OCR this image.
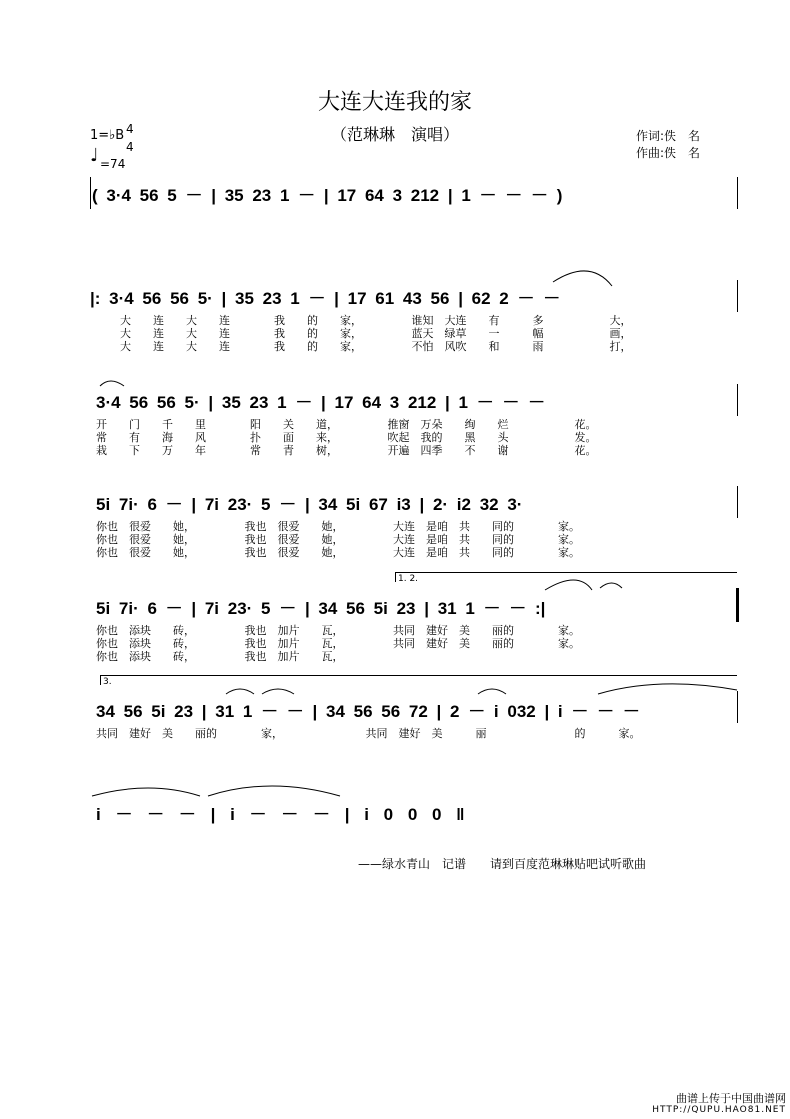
大连大连我的家
（范琳琳　演唱）	作词:佚　名
作曲:佚　名
1=♭B 4
4
♩ =74
( 3·4 56 5 － | 35 23 1 － | 17 64 3 212 | 1 － － － )
|: 3·4 56 56 5· | 35 23 1 － | 17 61 43 56 | 62 2 － －
大　　连　　大　　连　　　　我　　的　　家，　　　　　谁知　大连　　有　　　多　　　　　　大，
大　　连　　大　　连　　　　我　　的　　家，　　　　　蓝天　绿草　　一　　　幅　　　　　　画，
大　　连　　大　　连　　　　我　　的　　家，　　　　　不怕　风吹　　和　　　雨　　　　　　打，
3·4 56 56 5· | 35 23 1 － | 17 64 3 212 | 1 － － －
开　　门　　千　　里　　　　阳　　关　　道，　　　　　推窗　万朵　　绚　　烂　　　　　　花。
常　　有　　海　　风　　　　扑　　面　　来，　　　　　吹起　我的　　黑　　头　　　　　　发。
栽　　下　　万　　年　　　　常　　青　　树，　　　　　开遍　四季　　不　　谢　　　　　　花。
5i 7i· 6 － | 7i 23· 5 － | 34 5i 67 i3 | 2· i2 32 3·
你也　很爱　　她，　　　　　我也　很爱　　她，　　　　　大连　是咱　共　　同的　　　　家。
你也　很爱　　她，　　　　　我也　很爱　　她，　　　　　大连　是咱　共　　同的　　　　家。
你也　很爱　　她，　　　　　我也　很爱　　她，　　　　　大连　是咱　共　　同的　　　　家。
1. 2.
5i 7i· 6 － | 7i 23· 5 － | 34 56 5i 23 | 31 1 － － :|
你也　添块　　砖，　　　　　我也　加片　　瓦，　　　　　共同　建好　美　　丽的　　　　家。
你也　添块　　砖，　　　　　我也　加片　　瓦，　　　　　共同　建好　美　　丽的　　　　家。
你也　添块　　砖，　　　　　我也　加片　　瓦，
3.
34 56 5i 23 | 31 1 － － | 34 56 56 72 | 2 － i 032 | i － － －
共同　建好　美　　丽的　　　　家，　　　　　　　　共同　建好　美　　　丽　　　　　　　　的　　　家。
i － － － | i － － － | i 0 0 0 ‖
——绿水青山　记谱　　请到百度范琳琳贴吧试听歌曲
曲谱上传于中国曲谱网
HTTP://QUPU.HAO81.NET
